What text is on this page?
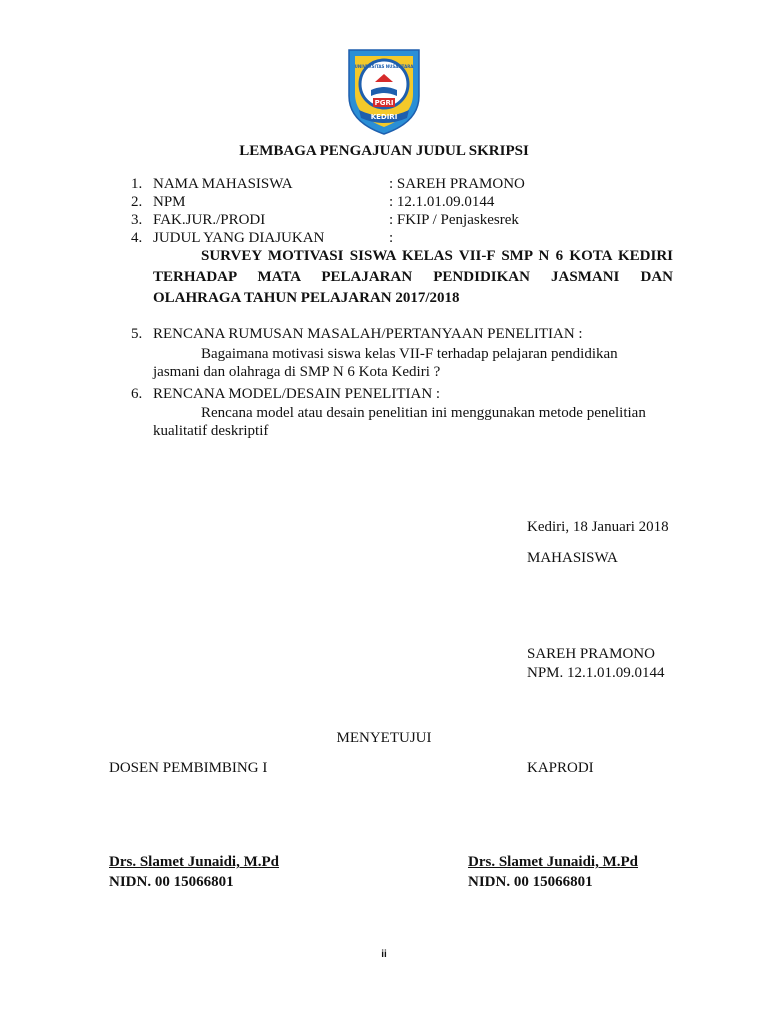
PGRI
UNIVERSITAS NUSANTARA
KEDIRI
LEMBAGA PENGAJUAN JUDUL SKRIPSI
1. NAMA MAHASISWA	: SAREH PRAMONO
2. NPM	: 12.1.01.09.0144
3. FAK.JUR./PRODI	: FKIP / Penjaskesrek
4. JUDUL YANG DIAJUKAN	:
SURVEY MOTIVASI SISWA KELAS VII-F SMP N 6 KOTA KEDIRI TERHADAP MATA PELAJARAN PENDIDIKAN JASMANI DAN OLAHRAGA TAHUN PELAJARAN 2017/2018
5. RENCANA RUMUSAN MASALAH/PERTANYAAN PENELITIAN :
Bagaimana motivasi siswa kelas VII-F terhadap pelajaran pendidikan
jasmani dan olahraga di SMP N 6 Kota Kediri ?
6. RENCANA MODEL/DESAIN PENELITIAN :
Rencana model atau desain penelitian ini menggunakan metode penelitian
kualitatif deskriptif
Kediri, 18 Januari 2018
MAHASISWA
SAREH PRAMONO
NPM. 12.1.01.09.0144
MENYETUJUI
DOSEN PEMBIMBING I	KAPRODI
Drs. Slamet Junaidi, M.Pd
NIDN. 00 15066801
Drs. Slamet Junaidi, M.Pd
NIDN. 00 15066801
ii
